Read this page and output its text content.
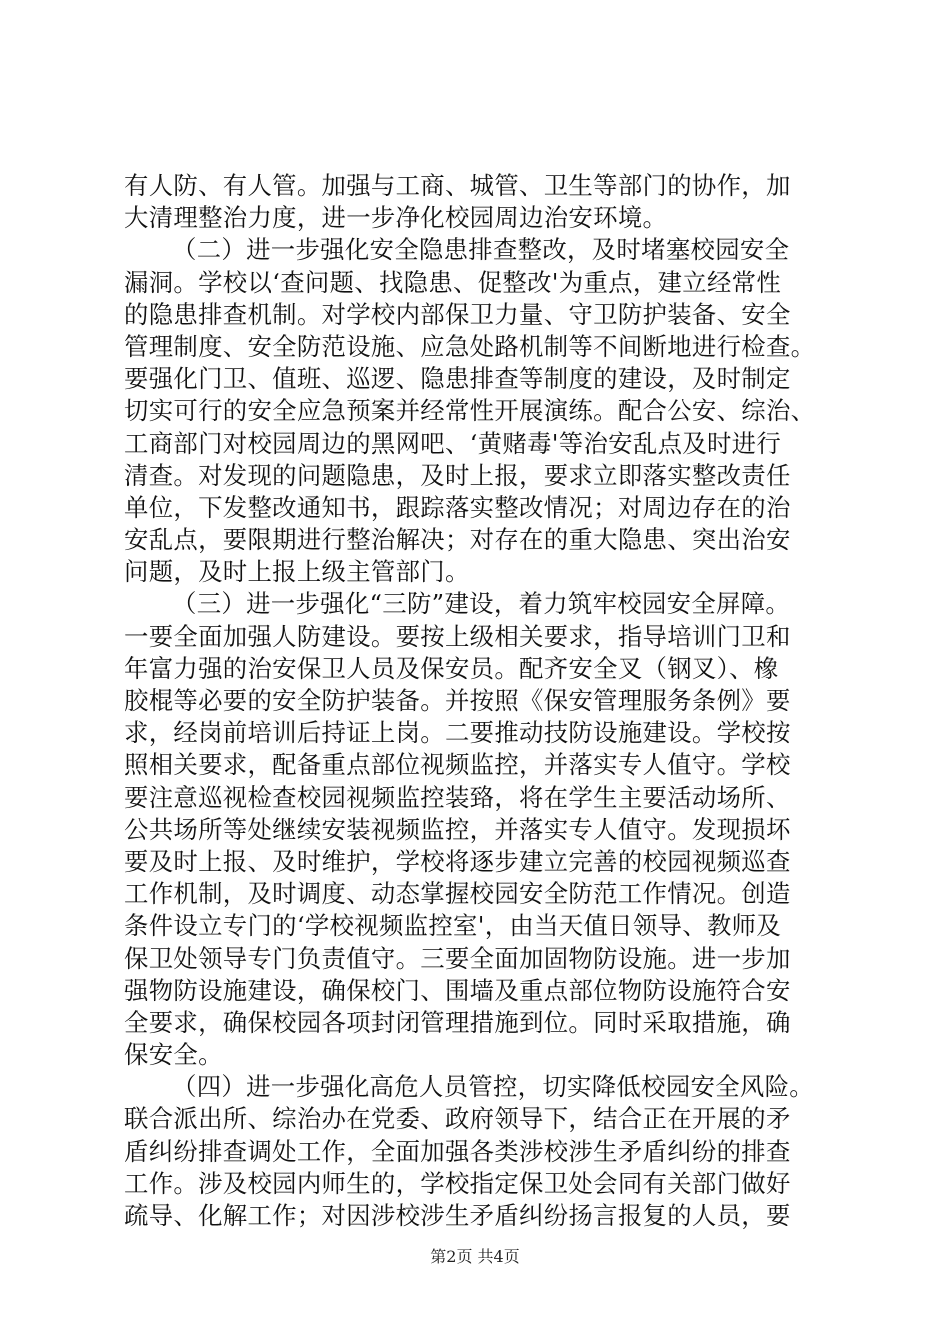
有人防、有人管。加强与工商、城管、卫生等部门的协作，加
大清理整治力度，进一步净化校园周边治安环境。
（二）进一步强化安全隐患排查整改，及时堵塞校园安全
漏洞。学校以‘查问题、找隐患、促整改'为重点，建立经常性
的隐患排查机制。对学校内部保卫力量、守卫防护装备、安全
管理制度、安全防范设施、应急处路机制等不间断地进行检查。
要强化门卫、值班、巡逻、隐患排查等制度的建设，及时制定
切实可行的安全应急预案并经常性开展演练。配合公安、综治、
工商部门对校园周边的黑网吧、‘黄赌毒'等治安乱点及时进行
清查。对发现的问题隐患，及时上报，要求立即落实整改责任
单位，下发整改通知书，跟踪落实整改情况；对周边存在的治
安乱点，要限期进行整治解决；对存在的重大隐患、突出治安
问题，及时上报上级主管部门。
（三）进一步强化“三防”建设，着力筑牢校园安全屏障。
一要全面加强人防建设。要按上级相关要求，指导培训门卫和
年富力强的治安保卫人员及保安员。配齐安全叉（钢叉）、橡
胶棍等必要的安全防护装备。并按照《保安管理服务条例》要
求，经岗前培训后持证上岗。二要推动技防设施建设。学校按
照相关要求，配备重点部位视频监控，并落实专人值守。学校
要注意巡视检查校园视频监控装臵，将在学生主要活动场所、
公共场所等处继续安装视频监控，并落实专人值守。发现损坏
要及时上报、及时维护，学校将逐步建立完善的校园视频巡查
工作机制，及时调度、动态掌握校园安全防范工作情况。创造
条件设立专门的‘学校视频监控室'，由当天值日领导、教师及
保卫处领导专门负责值守。三要全面加固物防设施。进一步加
强物防设施建设，确保校门、围墙及重点部位物防设施符合安
全要求，确保校园各项封闭管理措施到位。同时采取措施，确
保安全。
（四）进一步强化高危人员管控，切实降低校园安全风险。
联合派出所、综治办在党委、政府领导下，结合正在开展的矛
盾纠纷排查调处工作，全面加强各类涉校涉生矛盾纠纷的排查
工作。涉及校园内师生的，学校指定保卫处会同有关部门做好
疏导、化解工作；对因涉校涉生矛盾纠纷扬言报复的人员，要
第2页 共4页
